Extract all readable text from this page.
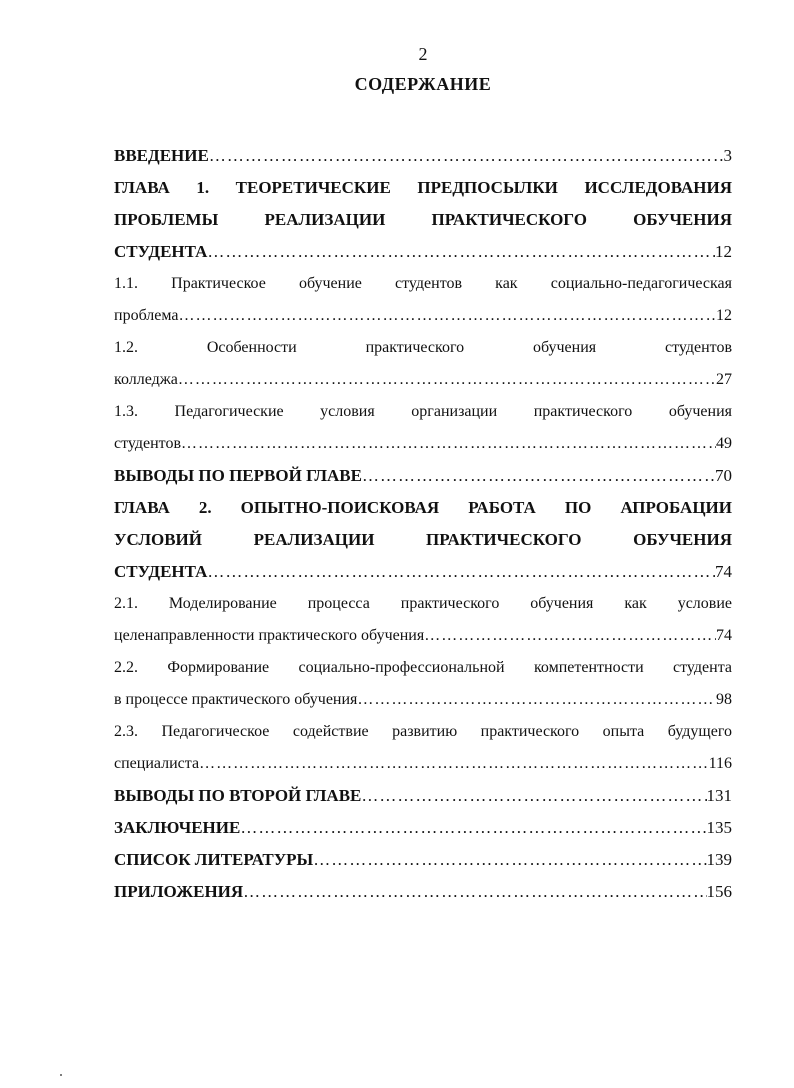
2
СОДЕРЖАНИЕ
ВВЕДЕНИЕ …………………………………………………………………………………………………………………………………………………………………………………………	3
ГЛАВА 1. ТЕОРЕТИЧЕСКИЕ ПРЕДПОСЫЛКИ ИССЛЕДОВАНИЯ
ПРОБЛЕМЫ РЕАЛИЗАЦИИ ПРАКТИЧЕСКОГО ОБУЧЕНИЯ
СТУДЕНТА …………………………………………………………………………………………………………………………………………………………………………………………	12
1.1. Практическое обучение студентов как социально-педагогическая
проблема …………………………………………………………………………………………………………………………………………………………………………………………	12
1.2. Особенности практического обучения студентов
колледжа …………………………………………………………………………………………………………………………………………………………………………………………	27
1.3. Педагогические условия организации практического обучения
студентов …………………………………………………………………………………………………………………………………………………………………………………………	49
ВЫВОДЫ ПО ПЕРВОЙ ГЛАВЕ …………………………………………………………………………………………………………………………………………………………………………………………	70
ГЛАВА 2. ОПЫТНО-ПОИСКОВАЯ РАБОТА ПО АПРОБАЦИИ
УСЛОВИЙ РЕАЛИЗАЦИИ ПРАКТИЧЕСКОГО ОБУЧЕНИЯ
СТУДЕНТА …………………………………………………………………………………………………………………………………………………………………………………………	74
2.1. Моделирование процесса практического обучения как условие
целенаправленности практического обучения …………………………………………………………………………………………………………………………………………………………………………………………	74
2.2. Формирование социально-профессиональной компетентности студента
в процессе практического обучения …………………………………………………………………………………………………………………………………………………………………………………………	98
2.3. Педагогическое содействие развитию практического опыта будущего
специалиста …………………………………………………………………………………………………………………………………………………………………………………………	116
ВЫВОДЫ ПО ВТОРОЙ ГЛАВЕ …………………………………………………………………………………………………………………………………………………………………………………………	131
ЗАКЛЮЧЕНИЕ …………………………………………………………………………………………………………………………………………………………………………………………	135
СПИСОК ЛИТЕРАТУРЫ …………………………………………………………………………………………………………………………………………………………………………………………	139
ПРИЛОЖЕНИЯ …………………………………………………………………………………………………………………………………………………………………………………………	156
